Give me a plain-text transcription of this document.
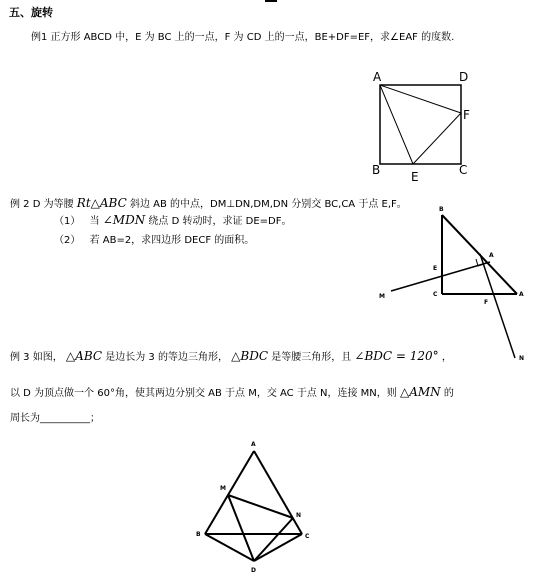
五、旋转
例1 正方形 ABCD 中，E 为 BC 上的一点，F 为 CD 上的一点，BE+DF=EF，求∠EAF 的度数.
A	D
F
B	E	C
例 2 D 为等腰 Rt△ABC 斜边 AB 的中点，DM⊥DN,DM,DN 分别交 BC,CA 于点 E,F。
（1） 当 ∠MDN 绕点 D 转动时，求证 DE=DF。
（2） 若 AB=2，求四边形 DECF 的面积。
B
A
E
C
F
A
M
N
例 3 如图， △ABC 是边长为 3 的等边三角形， △BDC 是等腰三角形，且 ∠BDC = 120° ，
以 D 为顶点做一个 60°角，使其两边分别交 AB 于点 M，交 AC 于点 N，连接 MN，则 △AMN 的
周长为__________；
A
M
N
B	C
D
